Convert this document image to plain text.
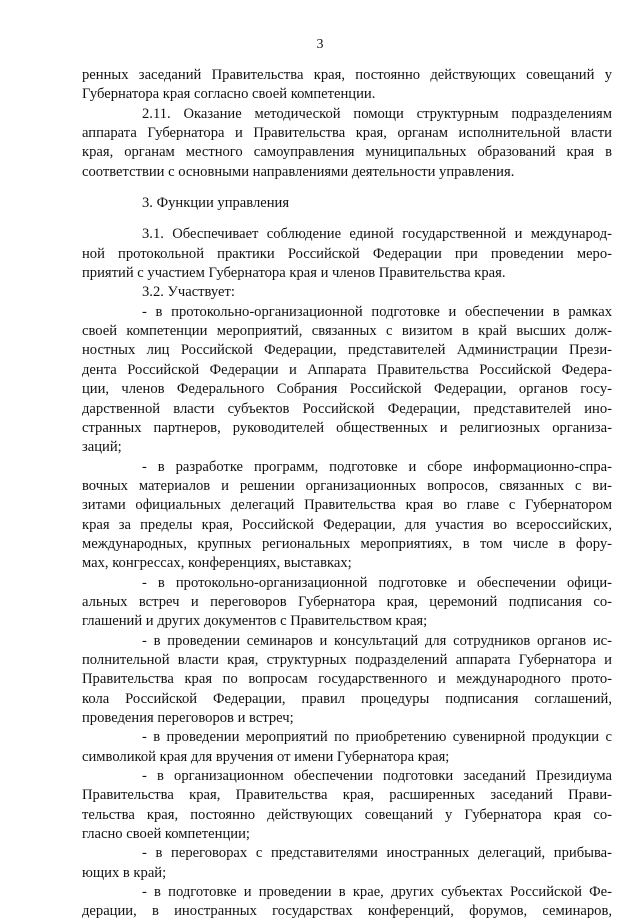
3
ренных заседаний Правительства края, постоянно действующих совещаний у
Губернатора края согласно своей компетенции.
2.11. Оказание методической помощи структурным подразделениям
аппарата Губернатора и Правительства края, органам исполнительной власти
края, органам местного самоуправления муниципальных образований края в
соответствии с основными направлениями деятельности управления.
3. Функции управления
3.1. Обеспечивает соблюдение единой государственной и международ-
ной протокольной практики Российской Федерации при проведении меро-
приятий с участием Губернатора края и членов Правительства края.
3.2. Участвует:
- в протокольно-организационной подготовке и обеспечении в рамках
своей компетенции мероприятий, связанных с визитом в край высших долж-
ностных лиц Российской Федерации, представителей Администрации Прези-
дента Российской Федерации и Аппарата Правительства Российской Федера-
ции, членов Федерального Собрания Российской Федерации, органов госу-
дарственной власти субъектов Российской Федерации, представителей ино-
странных партнеров, руководителей общественных и религиозных организа-
заций;
- в разработке программ, подготовке и сборе информационно-спра-
вочных материалов и решении организационных вопросов, связанных с ви-
зитами официальных делегаций Правительства края во главе с Губернатором
края за пределы края, Российской Федерации, для участия во всероссийских,
международных, крупных региональных мероприятиях, в том числе в фору-
мах, конгрессах, конференциях, выставках;
- в протокольно-организационной подготовке и обеспечении офици-
альных встреч и переговоров Губернатора края, церемоний подписания со-
глашений и других документов с Правительством края;
- в проведении семинаров и консультаций для сотрудников органов ис-
полнительной власти края, структурных подразделений аппарата Губернатора и
Правительства края по вопросам государственного и международного прото-
кола Российской Федерации, правил процедуры подписания соглашений,
проведения переговоров и встреч;
- в проведении мероприятий по приобретению сувенирной продукции с
символикой края для вручения от имени Губернатора края;
- в организационном обеспечении подготовки заседаний Президиума
Правительства края, Правительства края, расширенных заседаний Прави-
тельства края, постоянно действующих совещаний у Губернатора края со-
гласно своей компетенции;
- в переговорах с представителями иностранных делегаций, прибыва-
ющих в край;
- в подготовке и проведении в крае, других субъектах Российской Фе-
дерации, в иностранных государствах конференций, форумов, семинаров,
